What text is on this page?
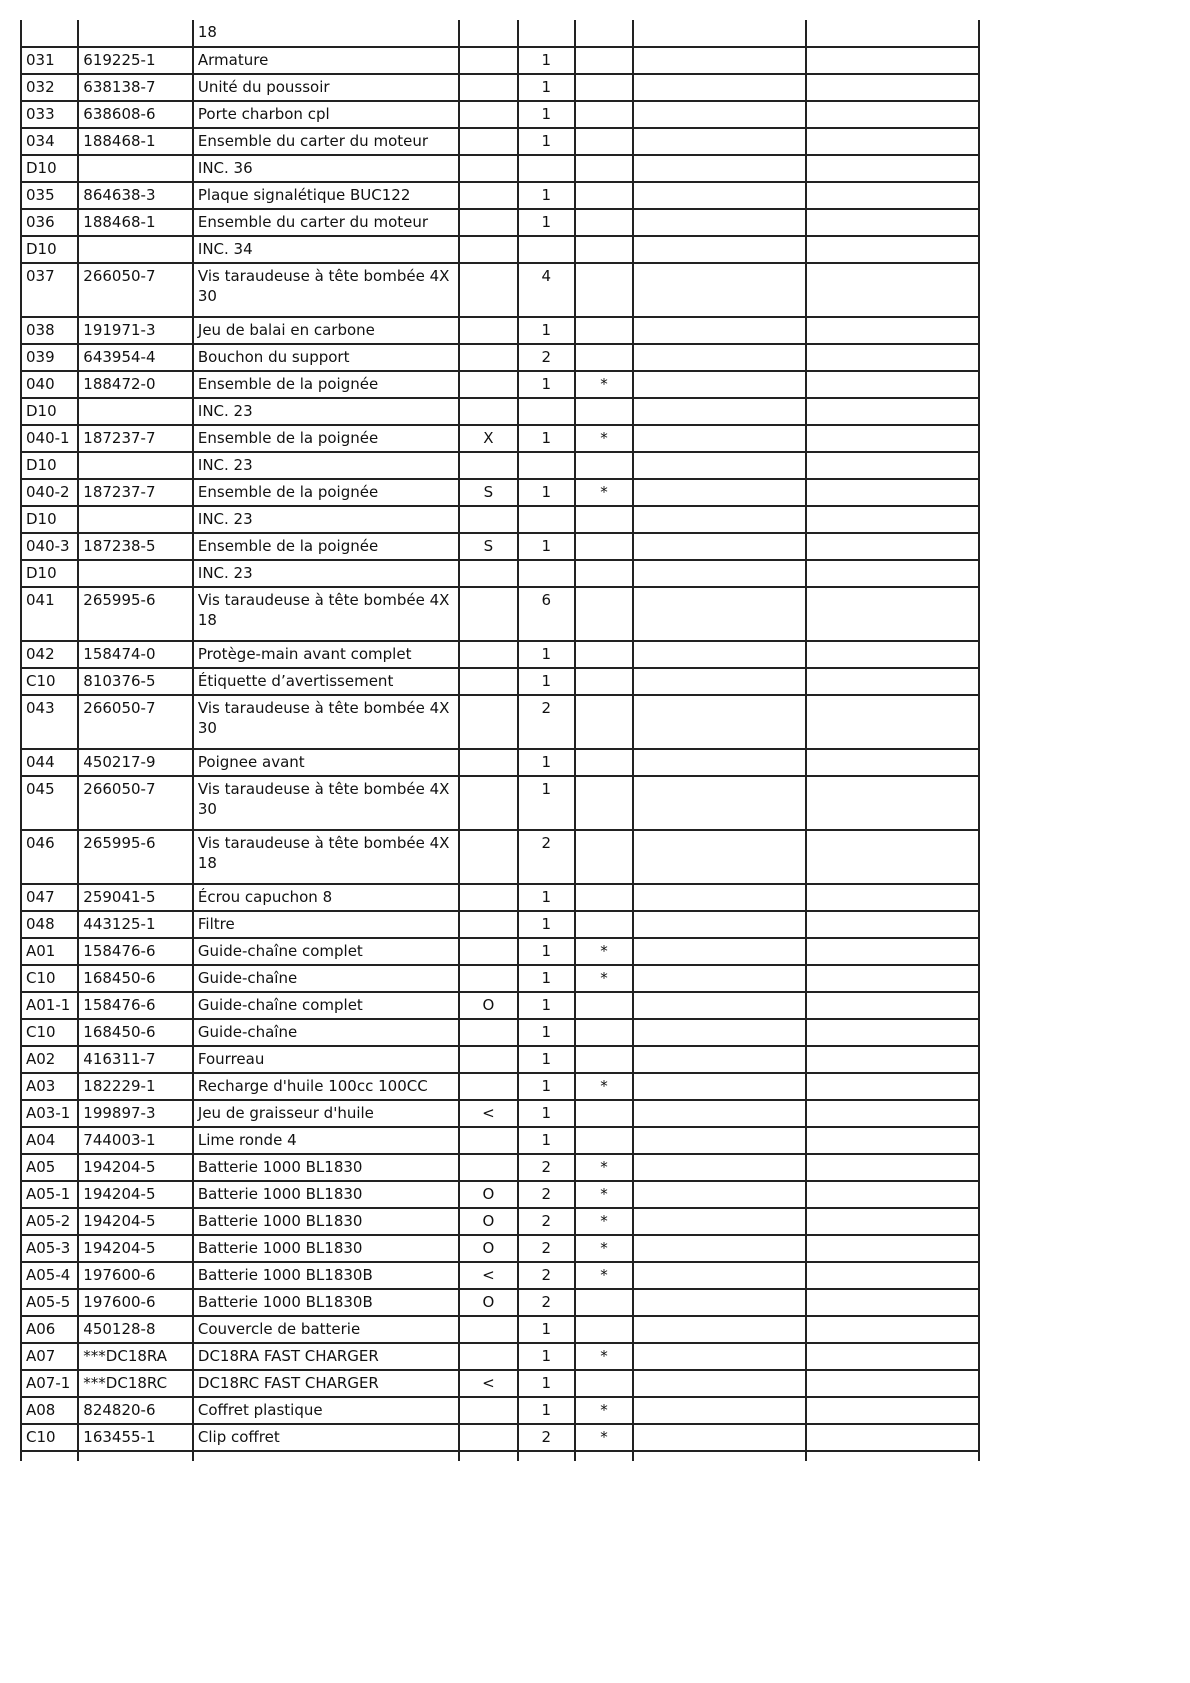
		18					
031	619225-1	Armature		1			
032	638138-7	Unité du poussoir		1			
033	638608-6	Porte charbon cpl		1			
034	188468-1	Ensemble du carter du moteur		1			
D10		INC. 36					
035	864638-3	Plaque signalétique BUC122		1			
036	188468-1	Ensemble du carter du moteur		1			
D10		INC. 34					
037	266050-7	Vis taraudeuse à tête bombée 4X 30		4			
038	191971-3	Jeu de balai en carbone		1			
039	643954-4	Bouchon du support		2			
040	188472-0	Ensemble de la poignée		1	*		
D10		INC. 23					
040-1	187237-7	Ensemble de la poignée	X	1	*		
D10		INC. 23					
040-2	187237-7	Ensemble de la poignée	S	1	*		
D10		INC. 23					
040-3	187238-5	Ensemble de la poignée	S	1			
D10		INC. 23					
041	265995-6	Vis taraudeuse à tête bombée 4X 18		6			
042	158474-0	Protège-main avant complet		1			
C10	810376-5	Étiquette d’avertissement		1			
043	266050-7	Vis taraudeuse à tête bombée 4X 30		2			
044	450217-9	Poignee avant		1			
045	266050-7	Vis taraudeuse à tête bombée 4X 30		1			
046	265995-6	Vis taraudeuse à tête bombée 4X 18		2			
047	259041-5	Écrou capuchon 8		1			
048	443125-1	Filtre		1			
A01	158476-6	Guide-chaîne complet		1	*		
C10	168450-6	Guide-chaîne		1	*		
A01-1	158476-6	Guide-chaîne complet	O	1			
C10	168450-6	Guide-chaîne		1			
A02	416311-7	Fourreau		1			
A03	182229-1	Recharge d'huile 100cc 100CC		1	*		
A03-1	199897-3	Jeu de graisseur d'huile	<	1			
A04	744003-1	Lime ronde 4		1			
A05	194204-5	Batterie 1000 BL1830		2	*		
A05-1	194204-5	Batterie 1000 BL1830	O	2	*		
A05-2	194204-5	Batterie 1000 BL1830	O	2	*		
A05-3	194204-5	Batterie 1000 BL1830	O	2	*		
A05-4	197600-6	Batterie 1000 BL1830B	<	2	*		
A05-5	197600-6	Batterie 1000 BL1830B	O	2			
A06	450128-8	Couvercle de batterie		1			
A07	***DC18RA	DC18RA FAST CHARGER		1	*		
A07-1	***DC18RC	DC18RC FAST CHARGER	<	1			
A08	824820-6	Coffret plastique		1	*		
C10	163455-1	Clip coffret		2	*		
